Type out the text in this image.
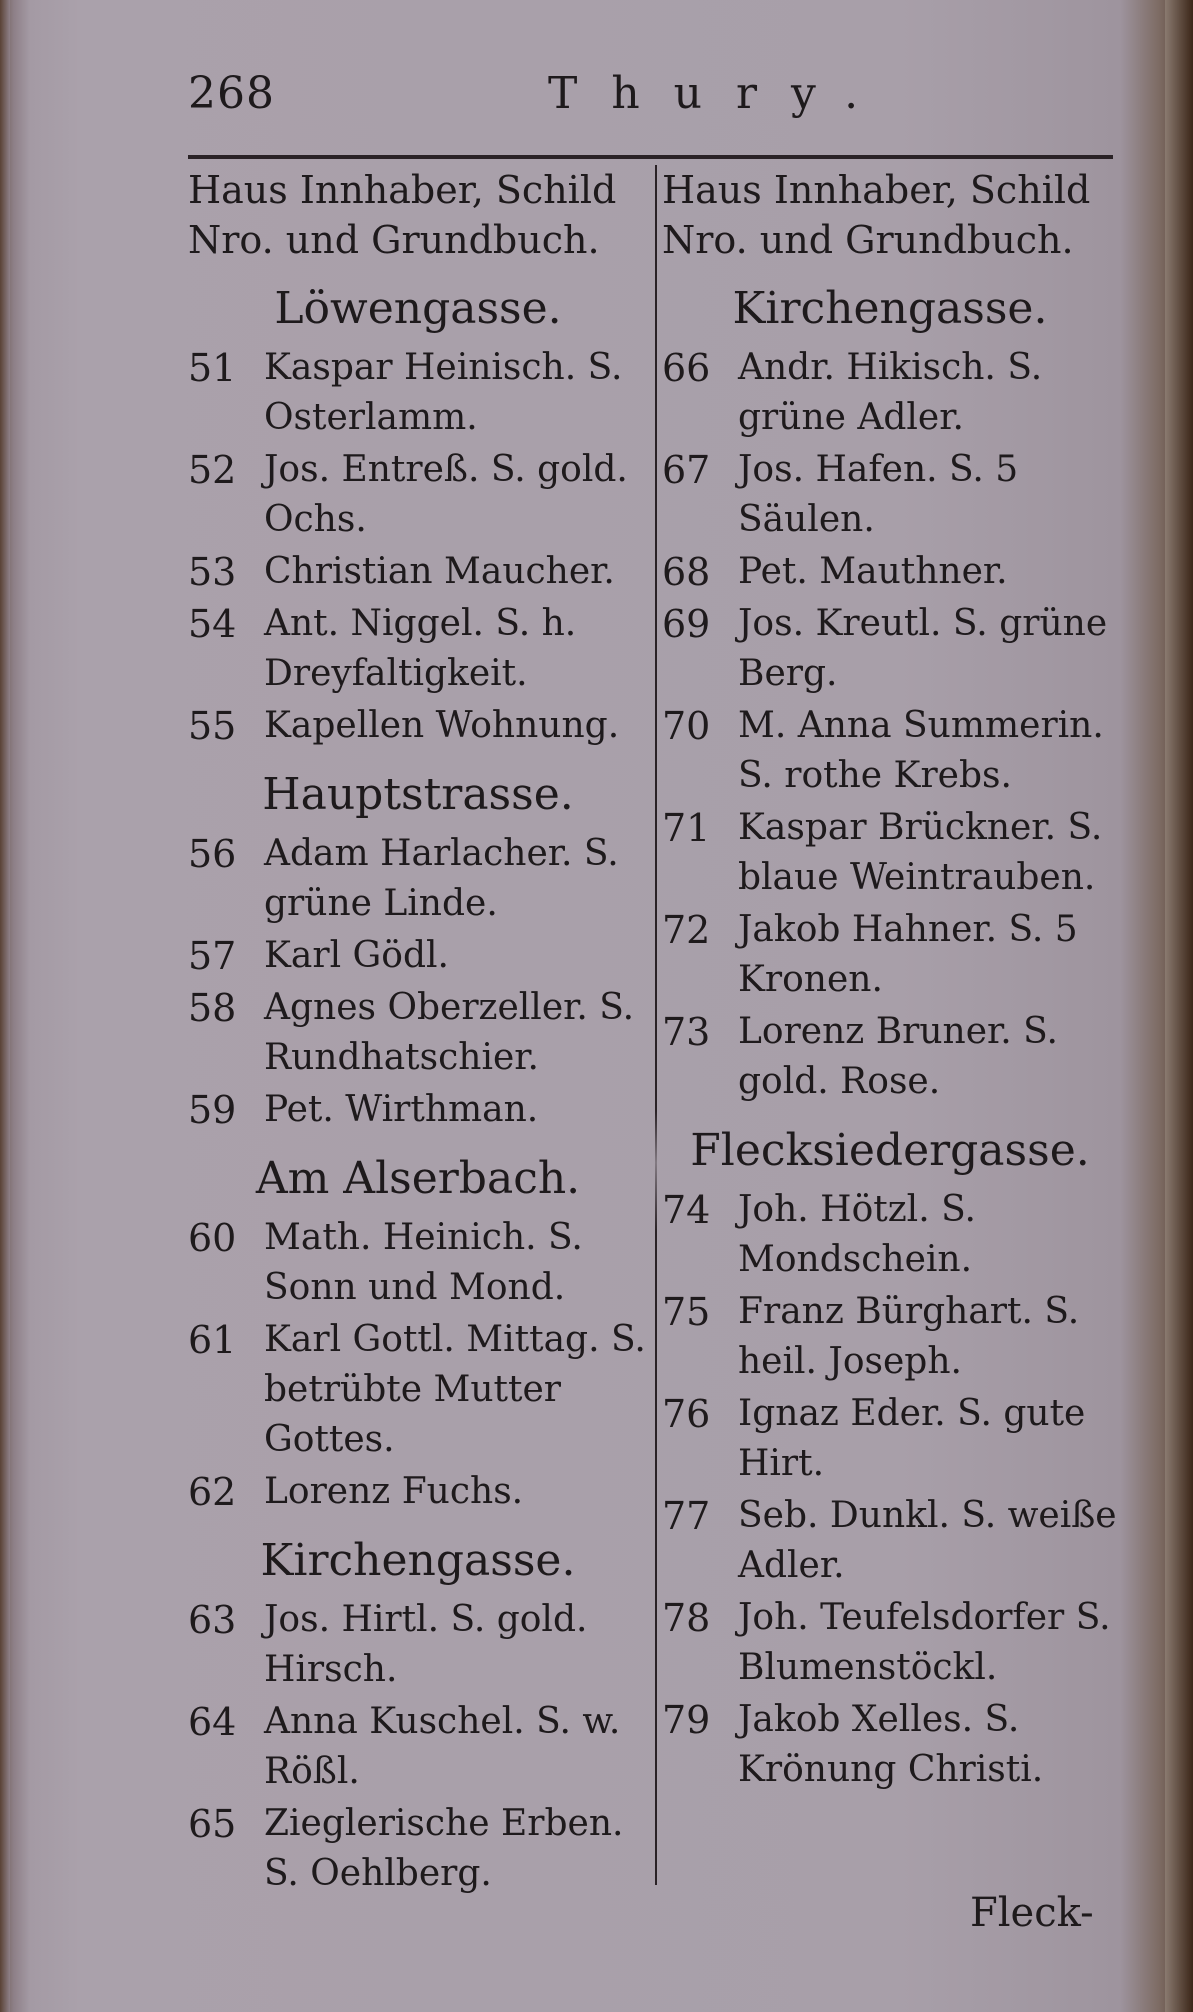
268	Thury.
Haus Innhaber, Schild
Nro. und Grundbuch.
Löwengasse.
51 Kaspar Heinisch. S. Osterlamm.
52 Jos. Entreß. S. gold. Ochs.
53 Christian Maucher.
54 Ant. Niggel. S. h. Dreyfaltigkeit.
55 Kapellen Wohnung.
Hauptstrasse.
56 Adam Harlacher. S. grüne Linde.
57 Karl Gödl.
58 Agnes Oberzeller. S. Rundhatschier.
59 Pet. Wirthman.
Am Alserbach.
60 Math. Heinich. S. Sonn und Mond.
61 Karl Gottl. Mittag. S. betrübte Mutter Gottes.
62 Lorenz Fuchs.
Kirchengasse.
63 Jos. Hirtl. S. gold. Hirsch.
64 Anna Kuschel. S. w. Rößl.
65 Zieglerische Erben. S. Oehlberg.
Haus Innhaber, Schild
Nro. und Grundbuch.
Kirchengasse.
66 Andr. Hikisch. S. grüne Adler.
67 Jos. Hafen. S. 5 Säulen.
68 Pet. Mauthner.
69 Jos. Kreutl. S. grüne Berg.
70 M. Anna Summerin. S. rothe Krebs.
71 Kaspar Brückner. S. blaue Weintrauben.
72 Jakob Hahner. S. 5 Kronen.
73 Lorenz Bruner. S. gold. Rose.
Flecksiedergasse.
74 Joh. Hötzl. S. Mondschein.
75 Franz Bürghart. S. heil. Joseph.
76 Ignaz Eder. S. gute Hirt.
77 Seb. Dunkl. S. weiße Adler.
78 Joh. Teufelsdorfer S. Blumenstöckl.
79 Jakob Xelles. S. Krönung Christi.
Fleck-
